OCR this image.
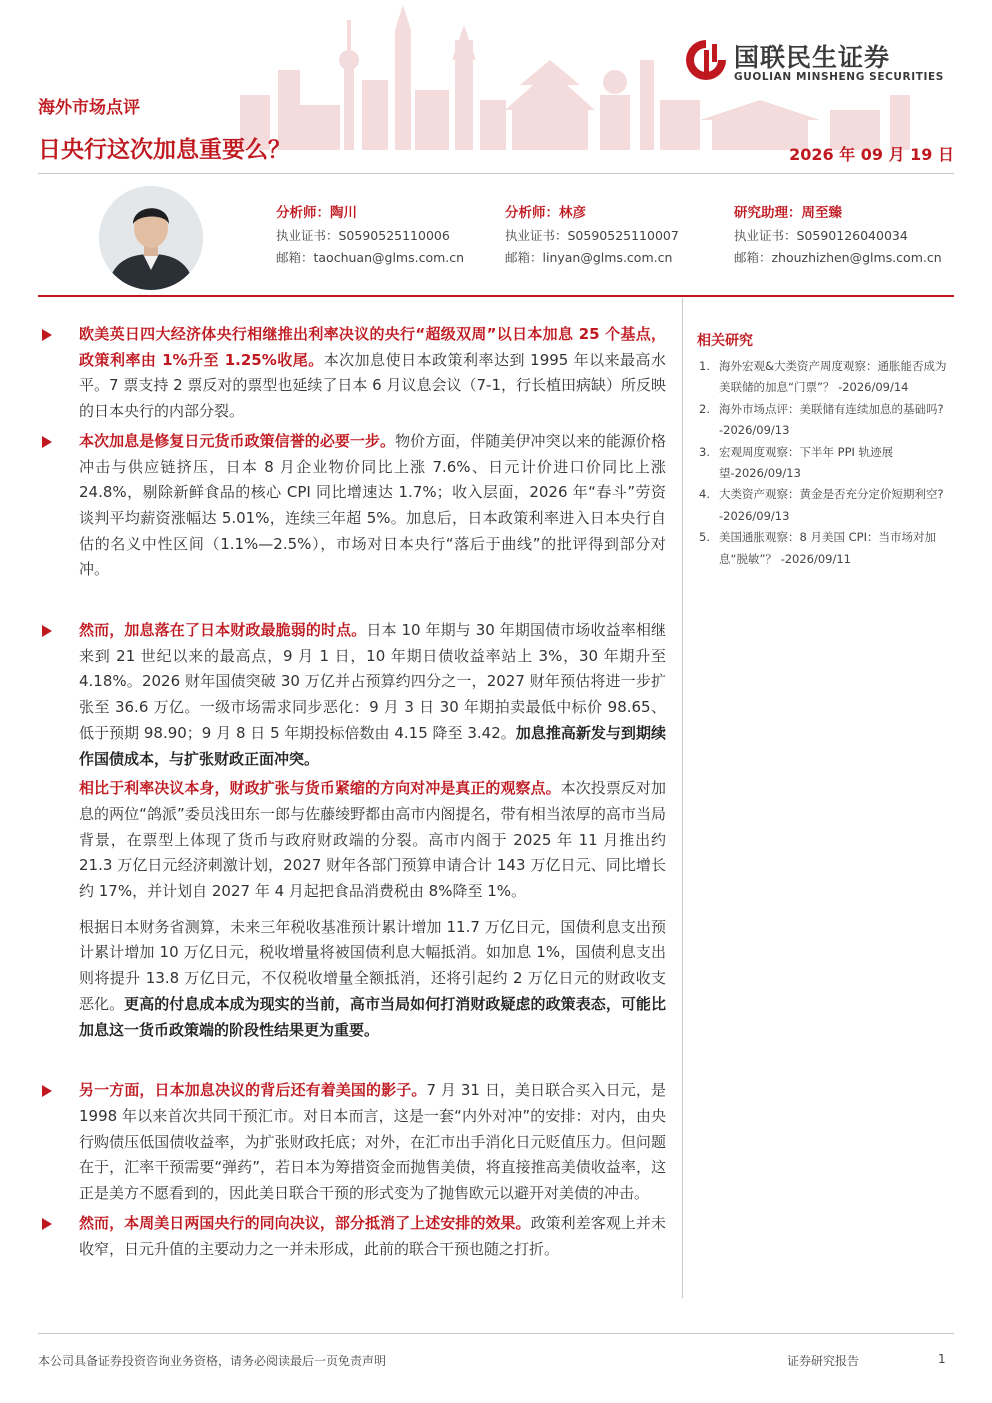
海外市场点评
日央行这次加息重要么？	2026 年 09 月 19 日
国联民生证券
GUOLIAN MINSHENG SECURITIES
分析师：陶川
执业证书：S0590525110006
邮箱：taochuan@glms.com.cn
分析师：林彦
执业证书：S0590525110007
邮箱：linyan@glms.com.cn
研究助理：周至臻
执业证书：S0590126040034
邮箱：zhouzhizhen@glms.com.cn

欧美英日四大经济体央行相继推出利率决议的央行“超级双周”以日本加息 25 个基点，政策利率由 1%升至 1.25%收尾。本次加息使日本政策利率达到 1995 年以来最高水平。7 票支持 2 票反对的票型也延续了日本 6 月议息会议（7-1，行长植田病缺）所反映的日本央行的内部分裂。

本次加息是修复日元货币政策信誉的必要一步。物价方面，伴随美伊冲突以来的能源价格冲击与供应链挤压，日本 8 月企业物价同比上涨 7.6%、日元计价进口价同比上涨 24.8%，剔除新鲜食品的核心 CPI 同比增速达 1.7%；收入层面，2026 年“春斗”劳资谈判平均薪资涨幅达 5.01%，连续三年超 5%。加息后，日本政策利率进入日本央行自估的名义中性区间（1.1%—2.5%），市场对日本央行“落后于曲线”的批评得到部分对冲。

然而，加息落在了日本财政最脆弱的时点。日本 10 年期与 30 年期国债市场收益率相继来到 21 世纪以来的最高点，9 月 1 日，10 年期日债收益率站上 3%，30 年期升至 4.18%。2026 财年国债突破 30 万亿并占预算约四分之一，2027 财年预估将进一步扩张至 36.6 万亿。一级市场需求同步恶化：9 月 3 日 30 年期拍卖最低中标价 98.65、低于预期 98.90；9 月 8 日 5 年期投标倍数由 4.15 降至 3.42。加息推高新发与到期续作国债成本，与扩张财政正面冲突。

相比于利率决议本身，财政扩张与货币紧缩的方向对冲是真正的观察点。本次投票反对加息的两位“鸽派”委员浅田东一郎与佐藤绫野都由高市内阁提名，带有相当浓厚的高市当局背景，在票型上体现了货币与政府财政端的分裂。高市内阁于 2025 年 11 月推出约 21.3 万亿日元经济刺激计划，2027 财年各部门预算申请合计 143 万亿日元、同比增长约 17%，并计划自 2027 年 4 月起把食品消费税由 8%降至 1%。

根据日本财务省测算，未来三年税收基准预计累计增加 11.7 万亿日元，国债利息支出预计累计增加 10 万亿日元，税收增量将被国债利息大幅抵消。如加息 1%，国债利息支出则将提升 13.8 万亿日元，不仅税收增量全额抵消，还将引起约 2 万亿日元的财政收支恶化。更高的付息成本成为现实的当前，高市当局如何打消财政疑虑的政策表态，可能比加息这一货币政策端的阶段性结果更为重要。

另一方面，日本加息决议的背后还有着美国的影子。7 月 31 日，美日联合买入日元，是 1998 年以来首次共同干预汇市。对日本而言，这是一套“内外对冲”的安排：对内，由央行购债压低国债收益率，为扩张财政托底；对外，在汇市出手消化日元贬值压力。但问题在于，汇率干预需要“弹药”，若日本为筹措资金而抛售美债，将直接推高美债收益率，这正是美方不愿看到的，因此美日联合干预的形式变为了抛售欧元以避开对美债的冲击。

然而，本周美日两国央行的同向决议，部分抵消了上述安排的效果。政策利差客观上并未收窄，日元升值的主要动力之一并未形成，此前的联合干预也随之打折。

相关研究

1. 海外宏观&大类资产周度观察：通胀能否成为美联储的加息“门票”？ -2026/09/14

2. 海外市场点评：美联储有连续加息的基础吗? -2026/09/13

3. 宏观周度观察：下半年 PPI 轨迹展望-2026/09/13

4. 大类资产观察：黄金是否充分定价短期利空? -2026/09/13

5. 美国通胀观察：8 月美国 CPI：当市场对加息“脱敏”？ -2026/09/11

本公司具备证券投资咨询业务资格，请务必阅读最后一页免责声明	证券研究报告	1
